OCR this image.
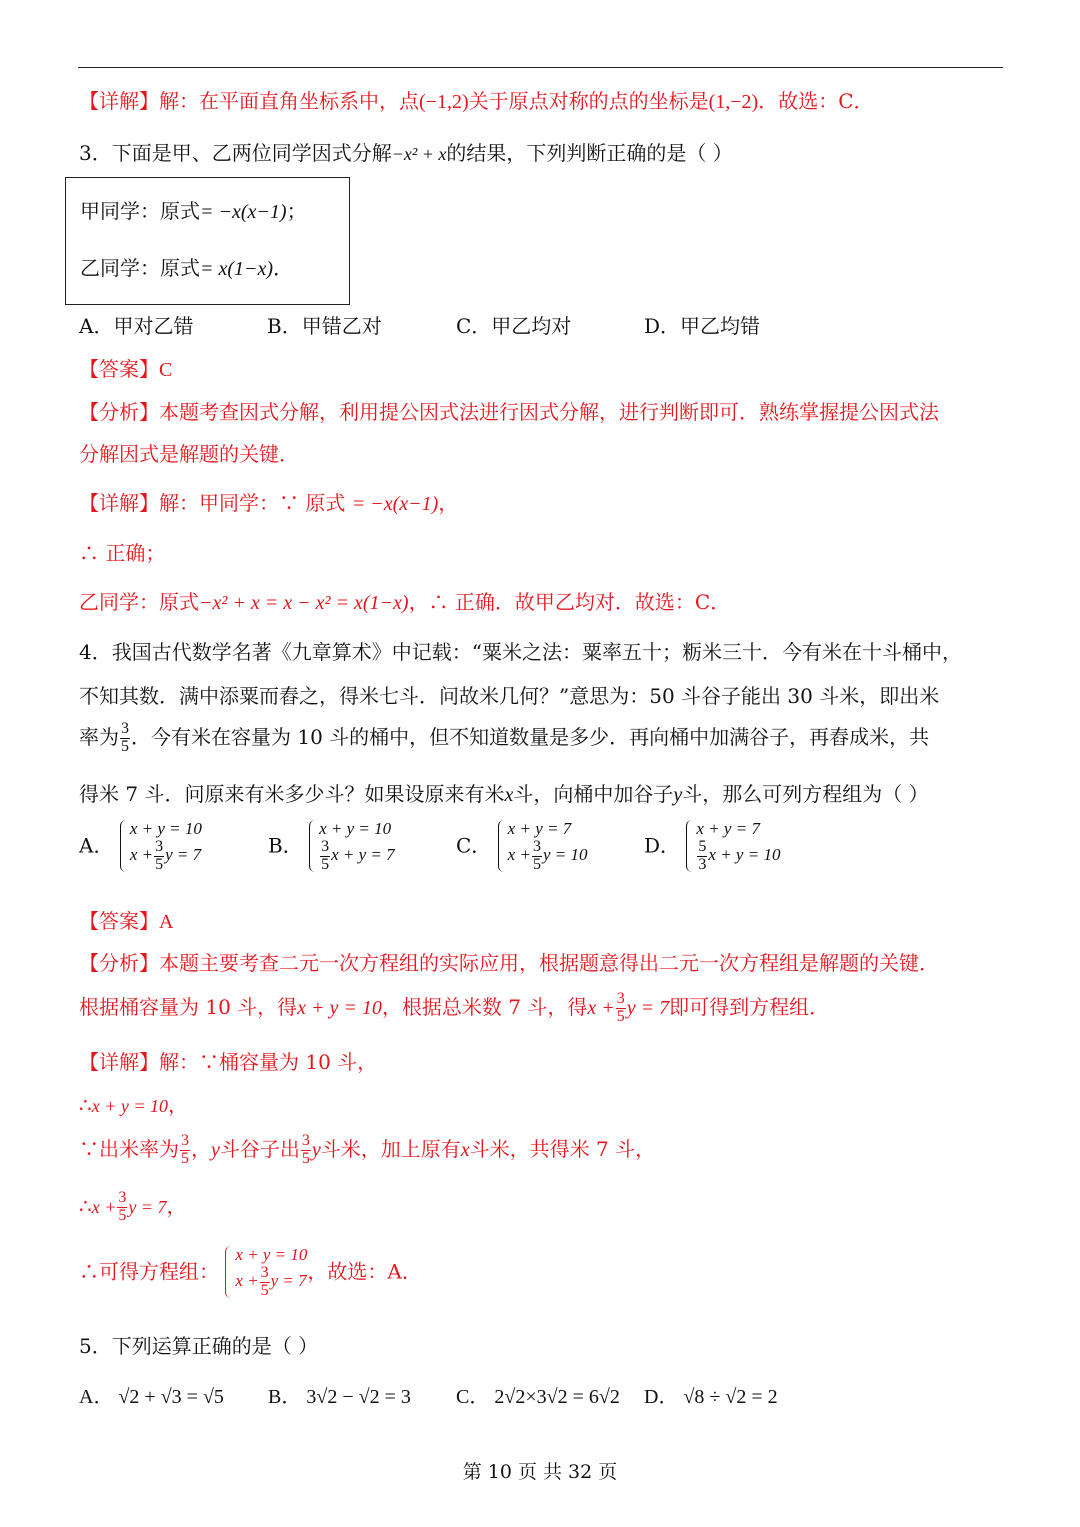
【详解】解：在平面直角坐标系中，点(−1,2)关于原点对称的点的坐标是(1,−2)．故选：C．
3．下面是甲、乙两位同学因式分解−x² + x的结果，下列判断正确的是（ ）
甲同学：原式= −x(x−1)；
乙同学：原式= x(1−x)．
A．甲对乙错	B．甲错乙对	C．甲乙均对	D．甲乙均错
【答案】C
【分析】本题考查因式分解，利用提公因式法进行因式分解，进行判断即可．熟练掌握提公因式法
分解因式是解题的关键．
【详解】解：甲同学：∵ 原式 = −x(x−1)，
∴ 正确；
乙同学：原式−x² + x = x − x² = x(1−x)，∴ 正确．故甲乙均对．故选：C．
4．我国古代数学名著《九章算术》中记载：“粟米之法：粟率五十；粝米三十．今有米在十斗桶中，
不知其数．满中添粟而舂之，得米七斗．问故米几何？”意思为：50 斗谷子能出 30 斗米，即出米
率为 $\frac{3}{5}$ ．今有米在容量为 10 斗的桶中，但不知道数量是多少．再向桶中加满谷子，再舂成米，共
得米 7 斗．问原来有米多少斗？如果设原来有米x斗，向桶中加谷子y斗，那么可列方程组为（ ）
A．
x + y = 10
$x + \frac{3}{5}$ y = 7	B．
x + y = 10
$\frac{3}{5}$ x + y = 7	C．
x + y = 7
$x + \frac{3}{5}$ y = 10	D．
x + y = 7
$\frac{5}{3}$ x + y = 10
【答案】A
【分析】本题主要考查二元一次方程组的实际应用，根据题意得出二元一次方程组是解题的关键．
根据桶容量为 10 斗，得x + y = 10，根据总米数 7 斗，得$x + \frac{3}{5}$ y = 7即可得到方程组．
【详解】解：∵桶容量为 10 斗，
∴x + y = 10，
∵出米率为 $\frac{3}{5}$ ，y斗谷子出 $\frac{3}{5}$ y斗米，加上原有x斗米，共得米 7 斗，
∴x + $\frac{3}{5}$ y = 7，
∴可得方程组：
x + y = 10
$x + \frac{3}{5}$ y = 7 ，故选：A．
5．下列运算正确的是（ ）
A． √2 + √3 = √5 B． 3√2 − √2 = 3 C． 2√2×3√2 = 6√2 D． √8 ÷ √2 = 2
第 10 页 共 32 页
